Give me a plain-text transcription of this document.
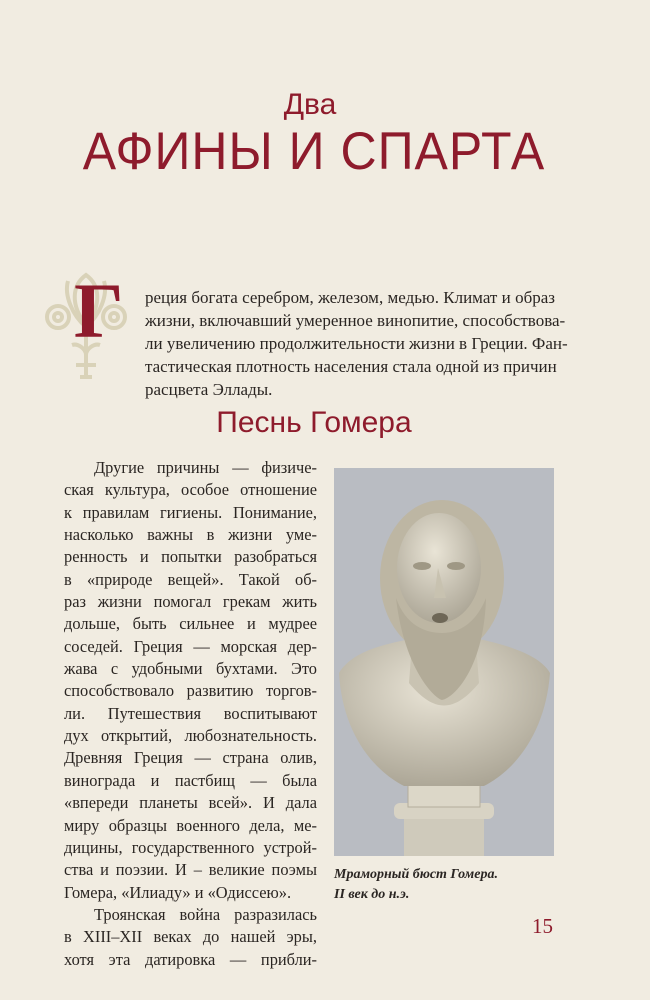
Два
АФИНЫ И СПАРТА
Г реция богата серебром, железом, медью. Климат и образ
жизни, включавший умеренное винопитие, способствова-
ли увеличению продолжительности жизни в Греции. Фан-
тастическая плотность населения стала одной из причин
расцвета Эллады.
Песнь Гомера
Другие причины — физиче-
ская культура, особое отношение
к правилам гигиены. Понимание,
насколько важны в жизни уме-
ренность и попытки разобраться
в «природе вещей». Такой об-
раз жизни помогал грекам жить
дольше, быть сильнее и мудрее
соседей. Греция — морская дер-
жава с удобными бухтами. Это
способствовало развитию торгов-
ли. Путешествия воспитывают
дух открытий, любознательность.
Древняя Греция — страна олив,
винограда и пастбищ — была
«впереди планеты всей». И дала
миру образцы военного дела, ме-
дицины, государственного устрой-
ства и поэзии. И – великие поэмы
Гомера, «Илиаду» и «Одиссею».
Троянская война разразилась
в XIII–XII веках до нашей эры,
хотя эта датировка — прибли-
Мраморный бюст Гомера.
II век до н.э.
15
